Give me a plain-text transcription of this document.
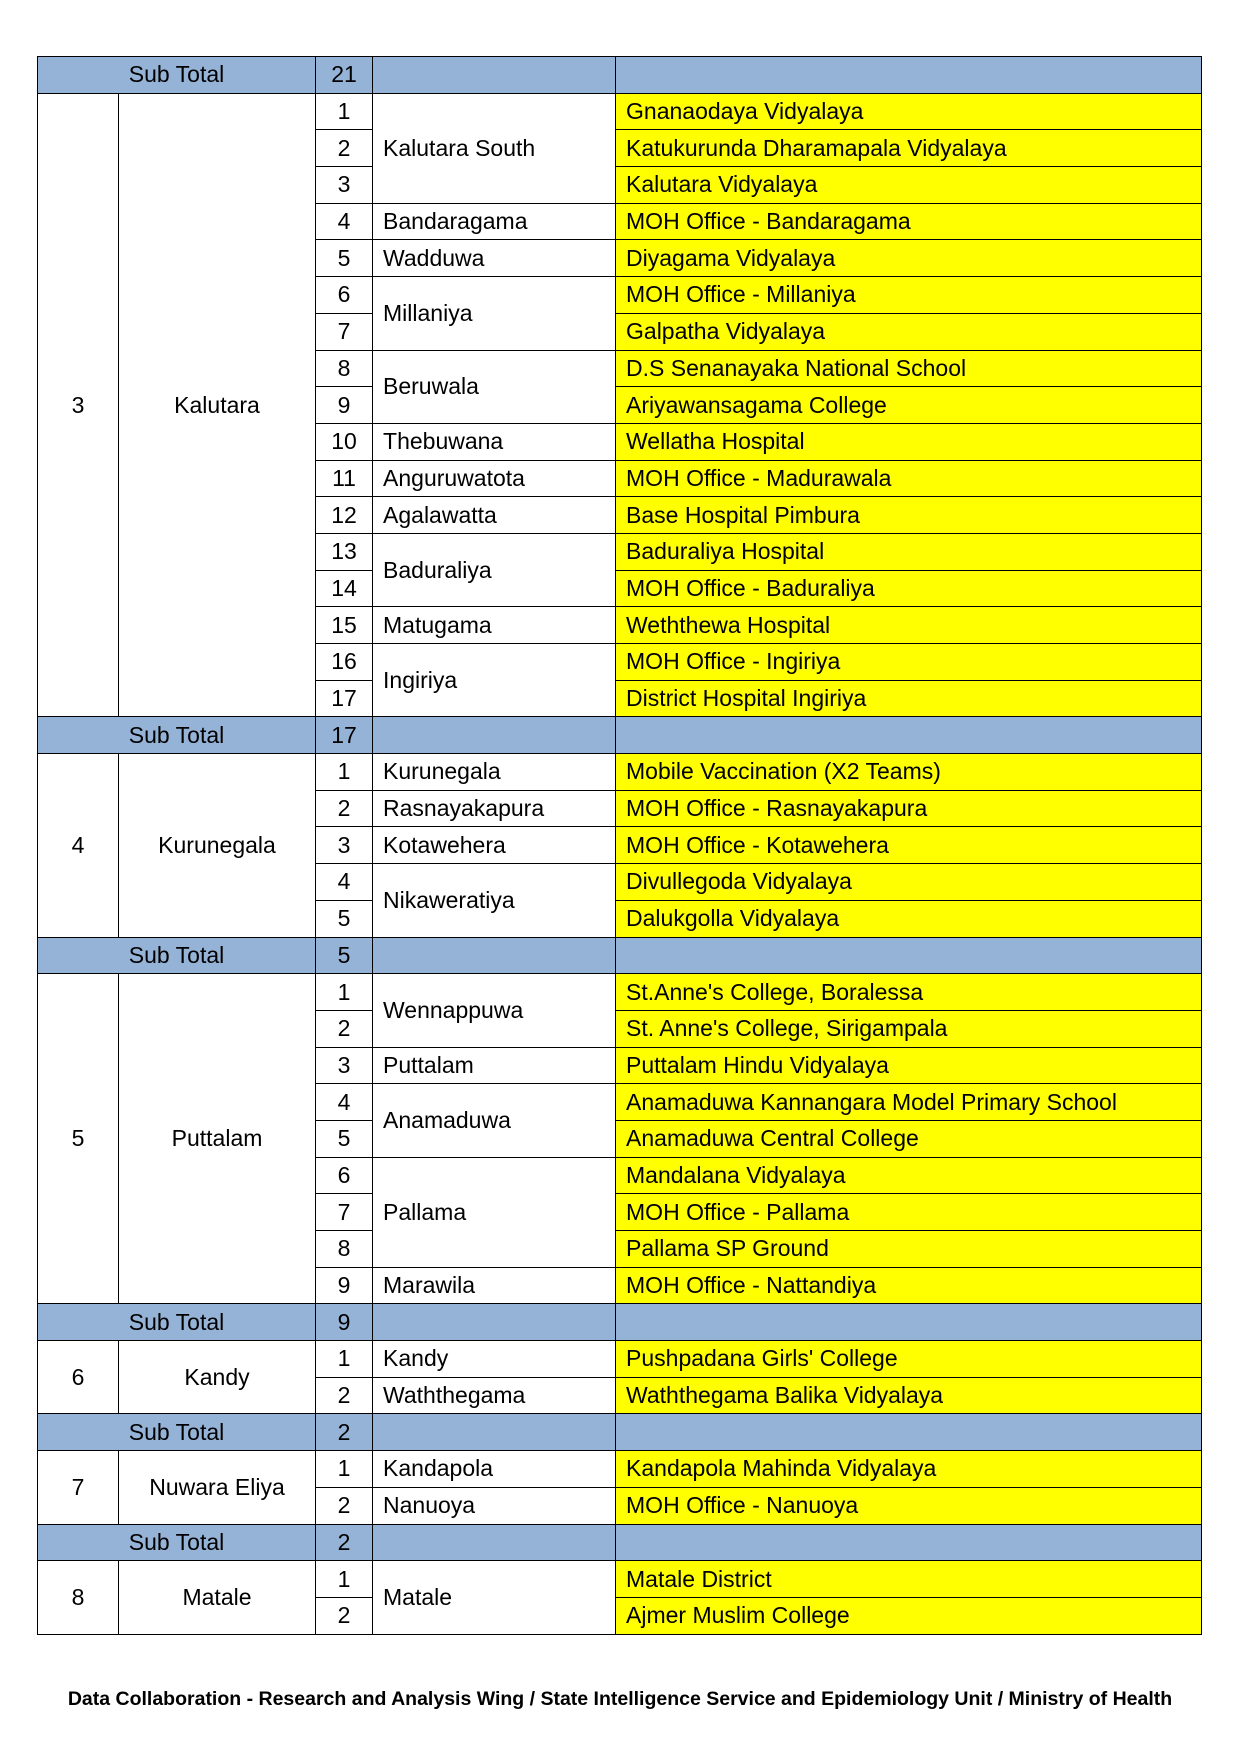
Sub Total		21		
3	Kalutara	1	Kalutara South	Gnanaodaya Vidyalaya
		2		Katukurunda Dharamapala Vidyalaya
		3		Kalutara Vidyalaya
		4	Bandaragama	MOH Office - Bandaragama
		5	Wadduwa	Diyagama Vidyalaya
		6	Millaniya	MOH Office - Millaniya
		7		Galpatha Vidyalaya
		8	Beruwala	D.S Senanayaka National School
		9		Ariyawansagama College
		10	Thebuwana	Wellatha Hospital
		11	Anguruwatota	MOH Office - Madurawala
		12	Agalawatta	Base Hospital Pimbura
		13	Baduraliya	Baduraliya Hospital
		14		MOH Office - Baduraliya
		15	Matugama	Weththewa Hospital
		16	Ingiriya	MOH Office - Ingiriya
		17		District Hospital Ingiriya
Sub Total		17		
4	Kurunegala	1	Kurunegala	Mobile Vaccination (X2 Teams)
		2	Rasnayakapura	MOH Office - Rasnayakapura
		3	Kotawehera	MOH Office - Kotawehera
		4	Nikaweratiya	Divullegoda Vidyalaya
		5		Dalukgolla Vidyalaya
Sub Total		5		
5	Puttalam	1	Wennappuwa	St.Anne's College, Boralessa
		2		St. Anne's College, Sirigampala
		3	Puttalam	Puttalam Hindu Vidyalaya
		4	Anamaduwa	Anamaduwa Kannangara Model Primary School
		5		Anamaduwa Central College
		6	Pallama	Mandalana Vidyalaya
		7		MOH Office - Pallama
		8		Pallama SP Ground
		9	Marawila	MOH Office - Nattandiya
Sub Total		9		
6	Kandy	1	Kandy	Pushpadana Girls' College
		2	Waththegama	Waththegama Balika Vidyalaya
Sub Total		2		
7	Nuwara Eliya	1	Kandapola	Kandapola Mahinda Vidyalaya
		2	Nanuoya	MOH Office - Nanuoya
Sub Total		2		
8	Matale	1	Matale	Matale District
		2		Ajmer Muslim College
Data Collaboration - Research and Analysis Wing / State Intelligence Service and Epidemiology Unit / Ministry of Health
